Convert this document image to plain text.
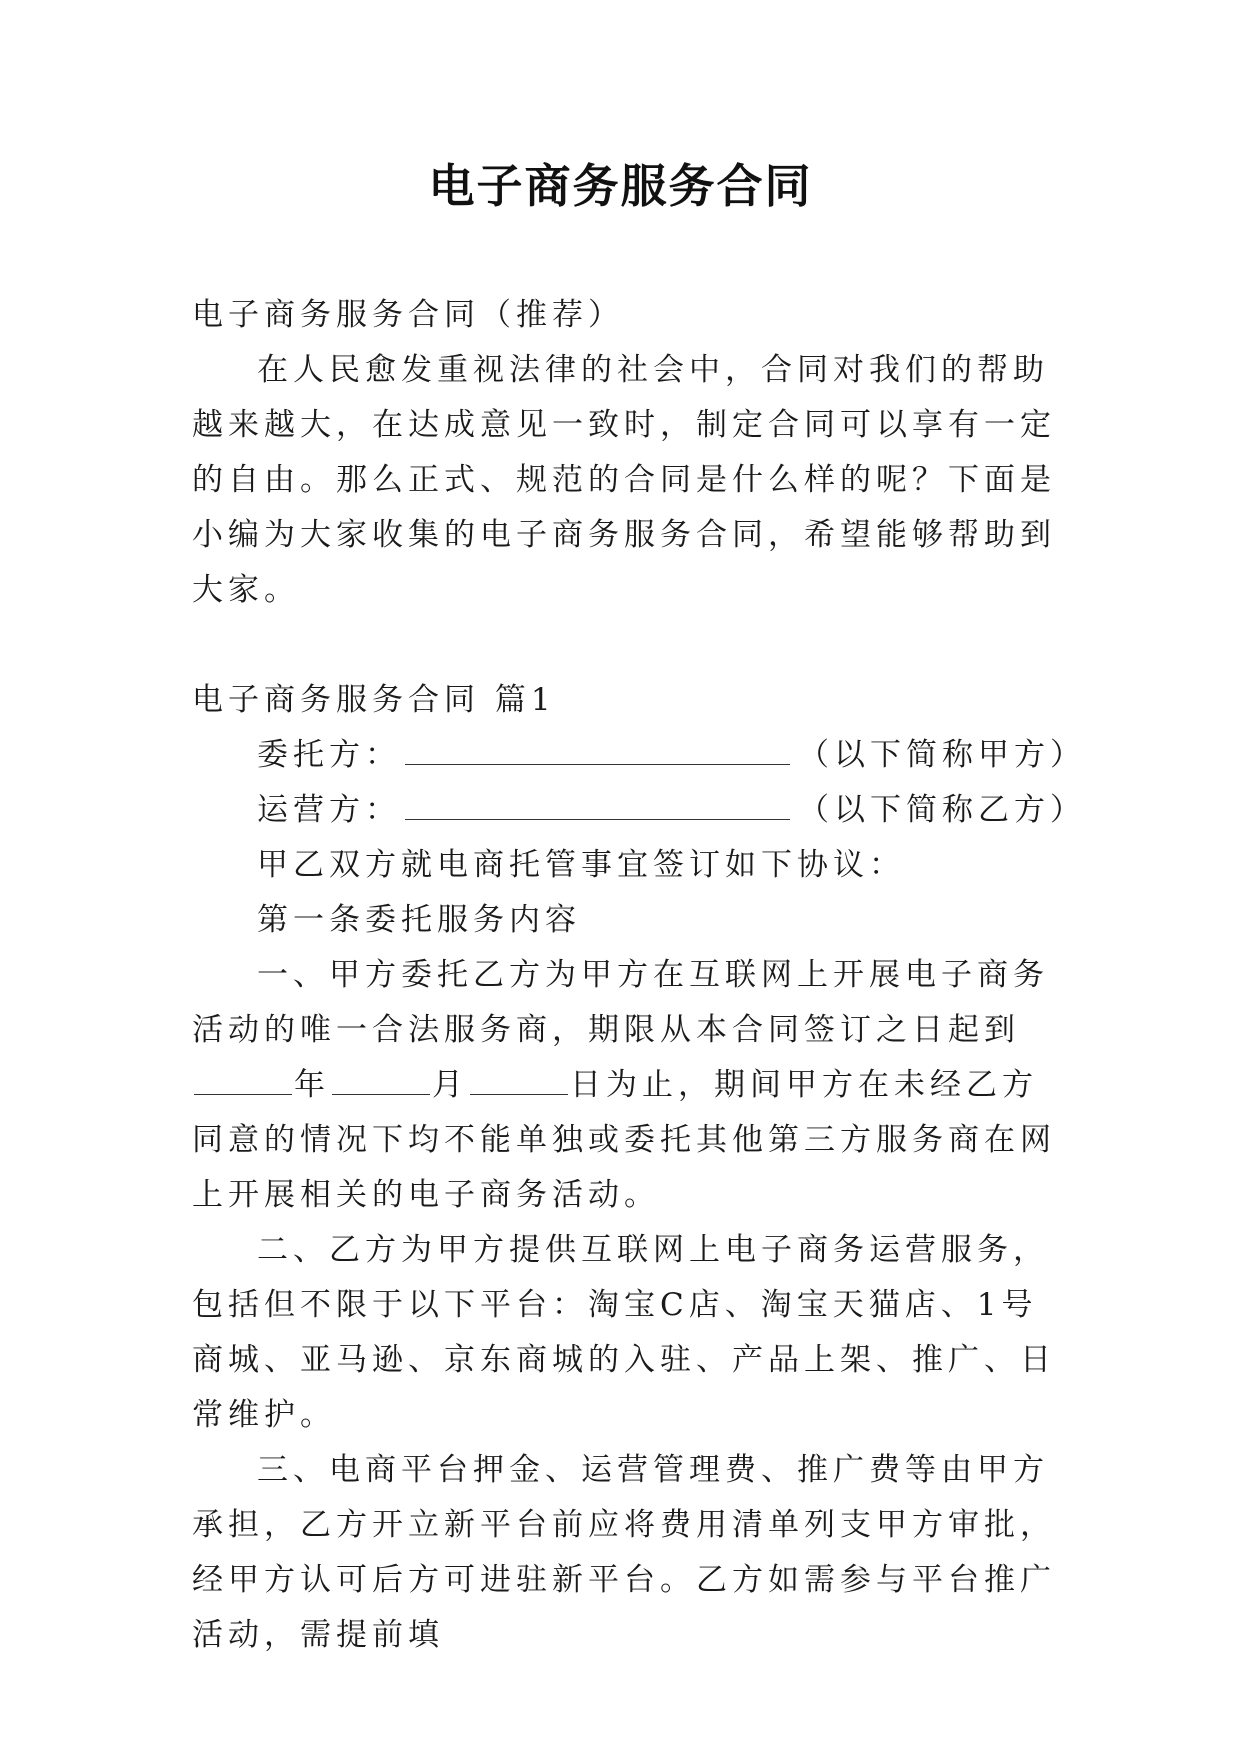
电子商务服务合同

电子商务服务合同（推荐）

在人民愈发重视法律的社会中，合同对我们的帮助越来越大，在达成意见一致时，制定合同可以享有一定的自由。那么正式、规范的合同是什么样的呢？下面是小编为大家收集的电子商务服务合同，希望能够帮助到大家。

电子商务服务合同 篇1

委托方：	（以下简称甲方）

运营方：	（以下简称乙方）

甲乙双方就电商托管事宜签订如下协议：

第一条委托服务内容

一、甲方委托乙方为甲方在互联网上开展电子商务活动的唯一合法服务商，期限从本合同签订之日起到年	月	日为止，期间甲方在未经乙方同意的情况下均不能单独或委托其他第三方服务商在网上开展相关的电子商务活动。

二、乙方为甲方提供互联网上电子商务运营服务，包括但不限于以下平台：淘宝C店、淘宝天猫店、1号商城、亚马逊、京东商城的入驻、产品上架、推广、日常维护。

三、电商平台押金、运营管理费、推广费等由甲方承担，乙方开立新平台前应将费用清单列支甲方审批，经甲方认可后方可进驻新平台。乙方如需参与平台推广活动，需提前填
